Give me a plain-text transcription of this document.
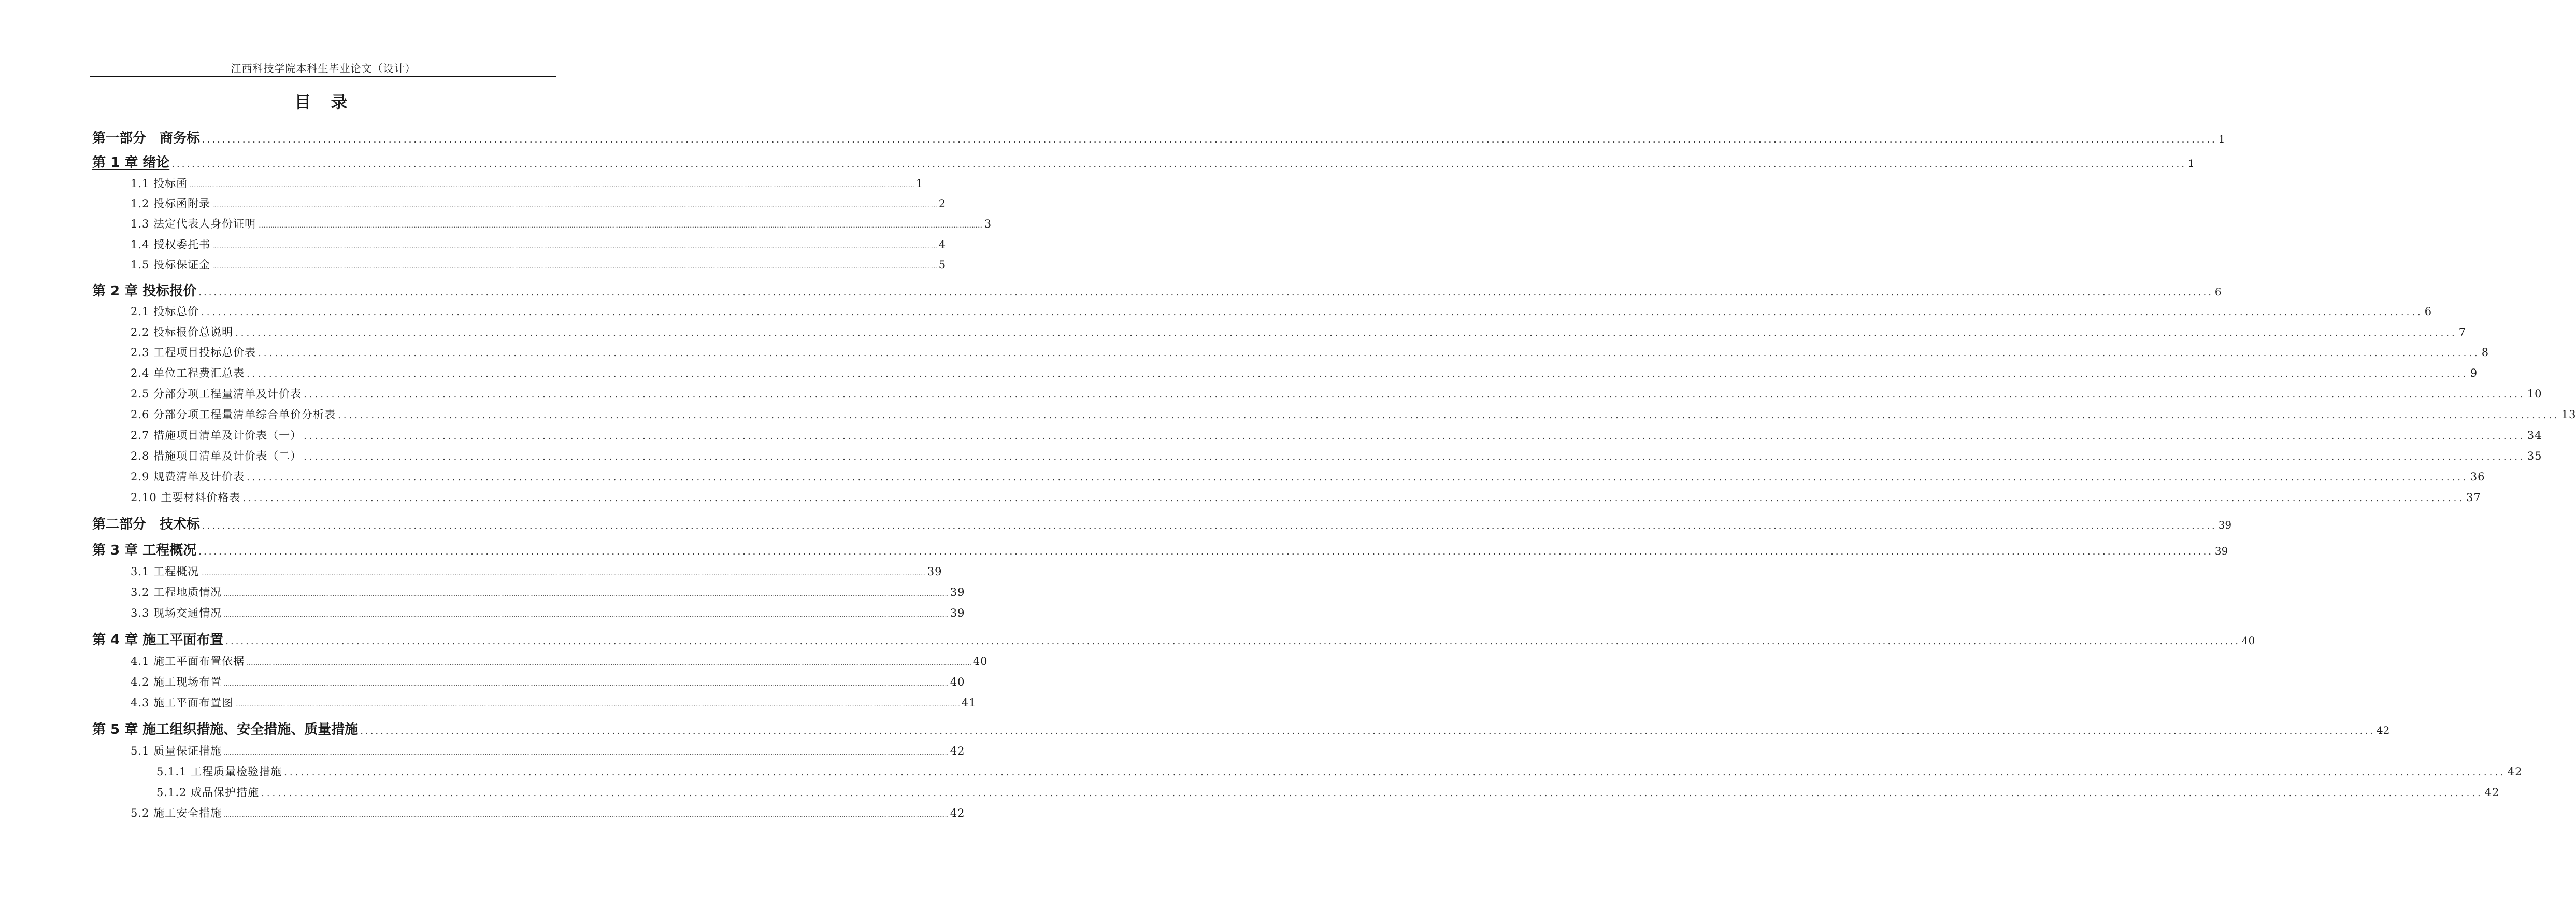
江西科技学院本科生毕业论文（设计）
目 录
第一部分　商务标 ................................................................................................................................................................................................................................................................................................................................................................................................................ 1
第 1 章 绪论 ................................................................................................................................................................................................................................................................................................................................................................................................................ 1
1.1 投标函 ................................................................................................................................................................................................................................................................................................................................................................................................................ 1
1.2 投标函附录 ................................................................................................................................................................................................................................................................................................................................................................................................................ 2
1.3 法定代表人身份证明 ................................................................................................................................................................................................................................................................................................................................................................................................................ 3
1.4 授权委托书 ................................................................................................................................................................................................................................................................................................................................................................................................................ 4
1.5 投标保证金 ................................................................................................................................................................................................................................................................................................................................................................................................................ 5
第 2 章 投标报价 ................................................................................................................................................................................................................................................................................................................................................................................................................ 6
2.1 投标总价 ................................................................................................................................................................................................................................................................................................................................................................................................................ 6
2.2 投标报价总说明 ................................................................................................................................................................................................................................................................................................................................................................................................................ 7
2.3 工程项目投标总价表 ................................................................................................................................................................................................................................................................................................................................................................................................................ 8
2.4 单位工程费汇总表 ................................................................................................................................................................................................................................................................................................................................................................................................................ 9
2.5 分部分项工程量清单及计价表 ................................................................................................................................................................................................................................................................................................................................................................................................................ 10
2.6 分部分项工程量清单综合单价分析表 ................................................................................................................................................................................................................................................................................................................................................................................................................ 13
2.7 措施项目清单及计价表（一） ................................................................................................................................................................................................................................................................................................................................................................................................................ 34
2.8 措施项目清单及计价表（二） ................................................................................................................................................................................................................................................................................................................................................................................................................ 35
2.9 规费清单及计价表 ................................................................................................................................................................................................................................................................................................................................................................................................................ 36
2.10 主要材料价格表 ................................................................................................................................................................................................................................................................................................................................................................................................................ 37
第二部分　技术标 ................................................................................................................................................................................................................................................................................................................................................................................................................ 39
第 3 章 工程概况 ................................................................................................................................................................................................................................................................................................................................................................................................................ 39
3.1 工程概况 ................................................................................................................................................................................................................................................................................................................................................................................................................ 39
3.2 工程地质情况 ................................................................................................................................................................................................................................................................................................................................................................................................................ 39
3.3 现场交通情况 ................................................................................................................................................................................................................................................................................................................................................................................................................ 39
第 4 章 施工平面布置 ................................................................................................................................................................................................................................................................................................................................................................................................................ 40
4.1 施工平面布置依据 ................................................................................................................................................................................................................................................................................................................................................................................................................ 40
4.2 施工现场布置 ................................................................................................................................................................................................................................................................................................................................................................................................................ 40
4.3 施工平面布置图 ................................................................................................................................................................................................................................................................................................................................................................................................................ 41
第 5 章 施工组织措施、安全措施、质量措施 ................................................................................................................................................................................................................................................................................................................................................................................................................ 42
5.1 质量保证措施 ................................................................................................................................................................................................................................................................................................................................................................................................................ 42
5.1.1 工程质量检验措施 ................................................................................................................................................................................................................................................................................................................................................................................................................ 42
5.1.2 成品保护措施 ................................................................................................................................................................................................................................................................................................................................................................................................................ 42
5.2 施工安全措施 ................................................................................................................................................................................................................................................................................................................................................................................................................ 42
